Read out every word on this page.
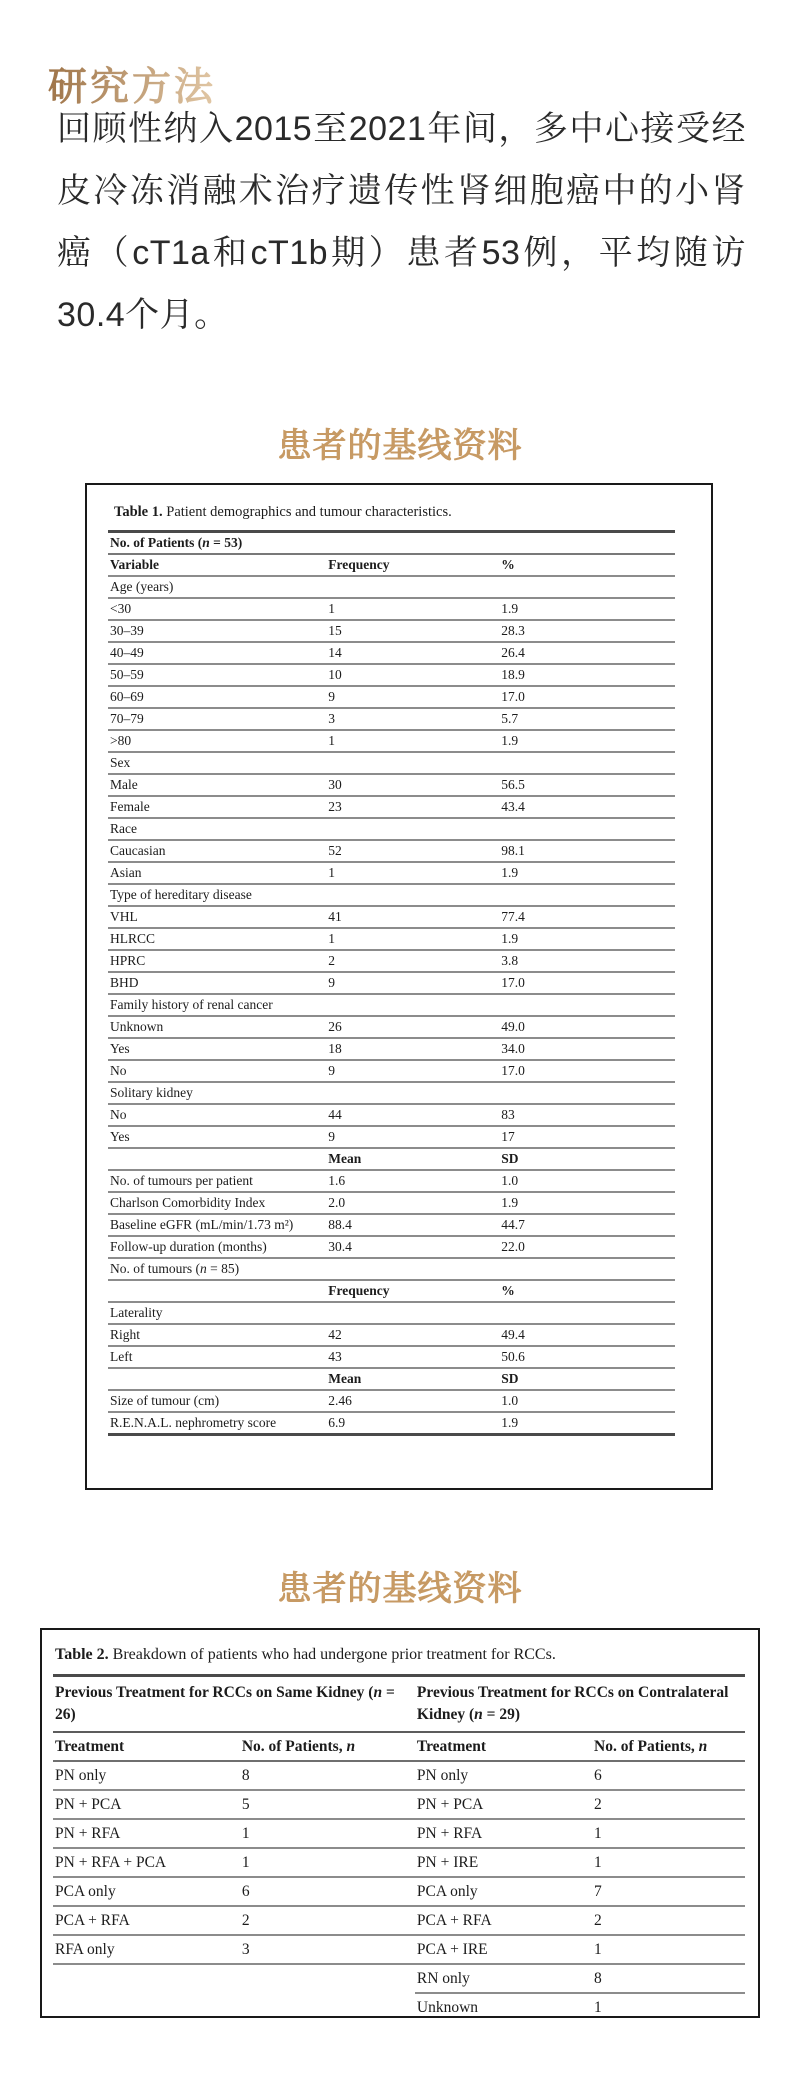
研究方法

回顾性纳入2015至2021年间，多中心接受经皮冷冻消融术治疗遗传性肾细胞癌中的小肾癌（cT1a和cT1b期）患者53例，平均随访30.4个月。

患者的基线资料

Table 1. Patient demographics and tumour characteristics.

No. of Patients (n = 53)		
Variable	Frequency	%
Age (years)		
<30	1	1.9
30–39	15	28.3
40–49	14	26.4
50–59	10	18.9
60–69	9	17.0
70–79	3	5.7
>80	1	1.9
Sex		
Male	30	56.5
Female	23	43.4
Race		
Caucasian	52	98.1
Asian	1	1.9
Type of hereditary disease		
VHL	41	77.4
HLRCC	1	1.9
HPRC	2	3.8
BHD	9	17.0
Family history of renal cancer		
Unknown	26	49.0
Yes	18	34.0
No	9	17.0
Solitary kidney		
No	44	83
Yes	9	17
	Mean	SD
No. of tumours per patient	1.6	1.0
Charlson Comorbidity Index	2.0	1.9
Baseline eGFR (mL/min/1.73 m²)	88.4	44.7
Follow-up duration (months)	30.4	22.0
No. of tumours (n = 85)		
	Frequency	%
Laterality		
Right	42	49.4
Left	43	50.6
	Mean	SD
Size of tumour (cm)	2.46	1.0
R.E.N.A.L. nephrometry score	6.9	1.9
患者的基线资料

Table 2. Breakdown of patients who had undergone prior treatment for RCCs.

Previous Treatment for RCCs on Same Kidney (n = 26)		Previous Treatment for RCCs on Contralateral Kidney (n = 29)	
Treatment	No. of Patients, n	Treatment	No. of Patients, n
PN only	8	PN only	6
PN + PCA	5	PN + PCA	2
PN + RFA	1	PN + RFA	1
PN + RFA + PCA	1	PN + IRE	1
PCA only	6	PCA only	7
PCA + RFA	2	PCA + RFA	2
RFA only	3	PCA + IRE	1
		RN only	8
		Unknown	1
